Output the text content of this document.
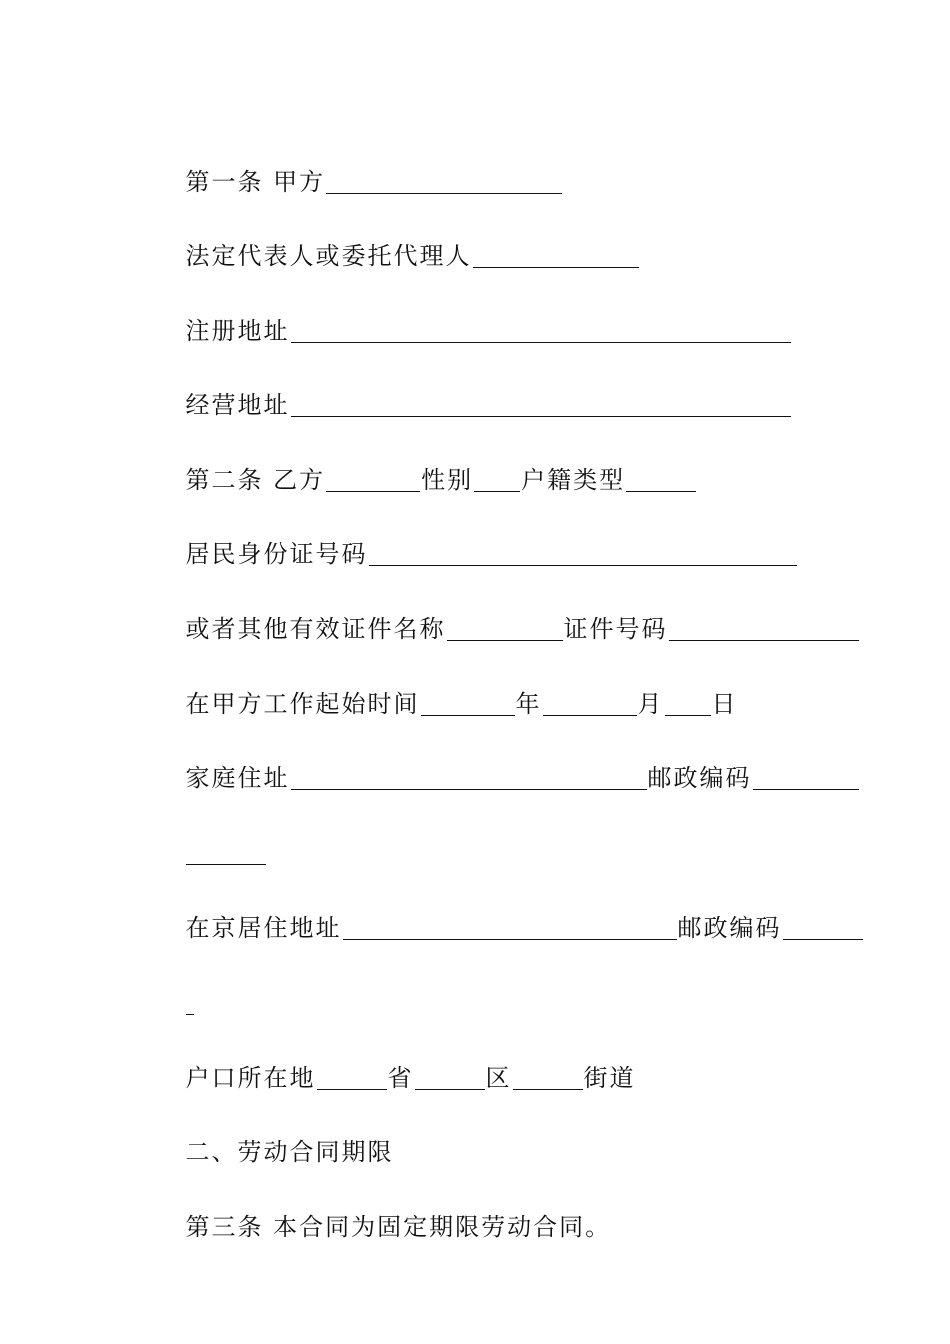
第一条 甲方

法定代表人或委托代理人

注册地址

经营地址

第二条 乙方	性别 户籍类型

居民身份证号码

或者其他有效证件名称	证件号码

在甲方工作起始时间	年	月 日

家庭住址	邮政编码

在京居住地址	邮政编码

户口所在地	省	区	街道

二、劳动合同期限

第三条 本合同为固定期限劳动合同。
